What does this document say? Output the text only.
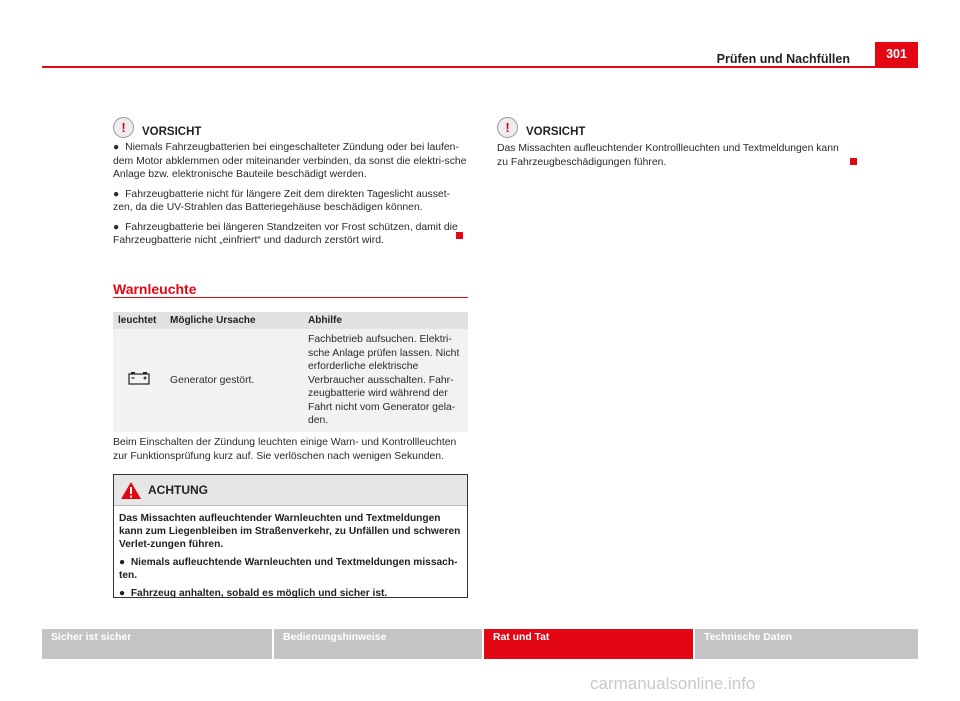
Prüfen und Nachfüllen	301
!	VORSICHT

● Niemals Fahrzeugbatterien bei eingeschalteter Zündung oder bei laufen-dem Motor abklemmen oder miteinander verbinden, da sonst die elektri-sche Anlage bzw. elektronische Bauteile beschädigt werden.

● Fahrzeugbatterie nicht für längere Zeit dem direkten Tageslicht ausset-zen, da die UV-Strahlen das Batteriegehäuse beschädigen können.

● Fahrzeugbatterie bei längeren Standzeiten vor Frost schützen, damit die Fahrzeugbatterie nicht „einfriert“ und dadurch zerstört wird.

Warnleuchte
leuchtet	Mögliche Ursache	Abhilfe
	Generator gestört.	Fachbetrieb aufsuchen. Elektri-sche Anlage prüfen lassen. Nicht erforderliche elektrische Verbraucher ausschalten. Fahr-zeugbatterie wird während der Fahrt nicht vom Generator gela-den.
Beim Einschalten der Zündung leuchten einige Warn- und Kontrollleuchten zur Funktionsprüfung kurz auf. Sie verlöschen nach wenigen Sekunden.
ACHTUNG

Das Missachten aufleuchtender Warnleuchten und Textmeldungen kann zum Liegenbleiben im Straßenverkehr, zu Unfällen und schweren Verlet-zungen führen.

● Niemals aufleuchtende Warnleuchten und Textmeldungen missach-ten.

● Fahrzeug anhalten, sobald es möglich und sicher ist.

!	VORSICHT
Das Missachten aufleuchtender Kontrollleuchten und Textmeldungen kann zu Fahrzeugbeschädigungen führen.
Sicher ist sicher	Bedienungshinweise	Rat und Tat	Technische Daten
carmanualsonline.info
